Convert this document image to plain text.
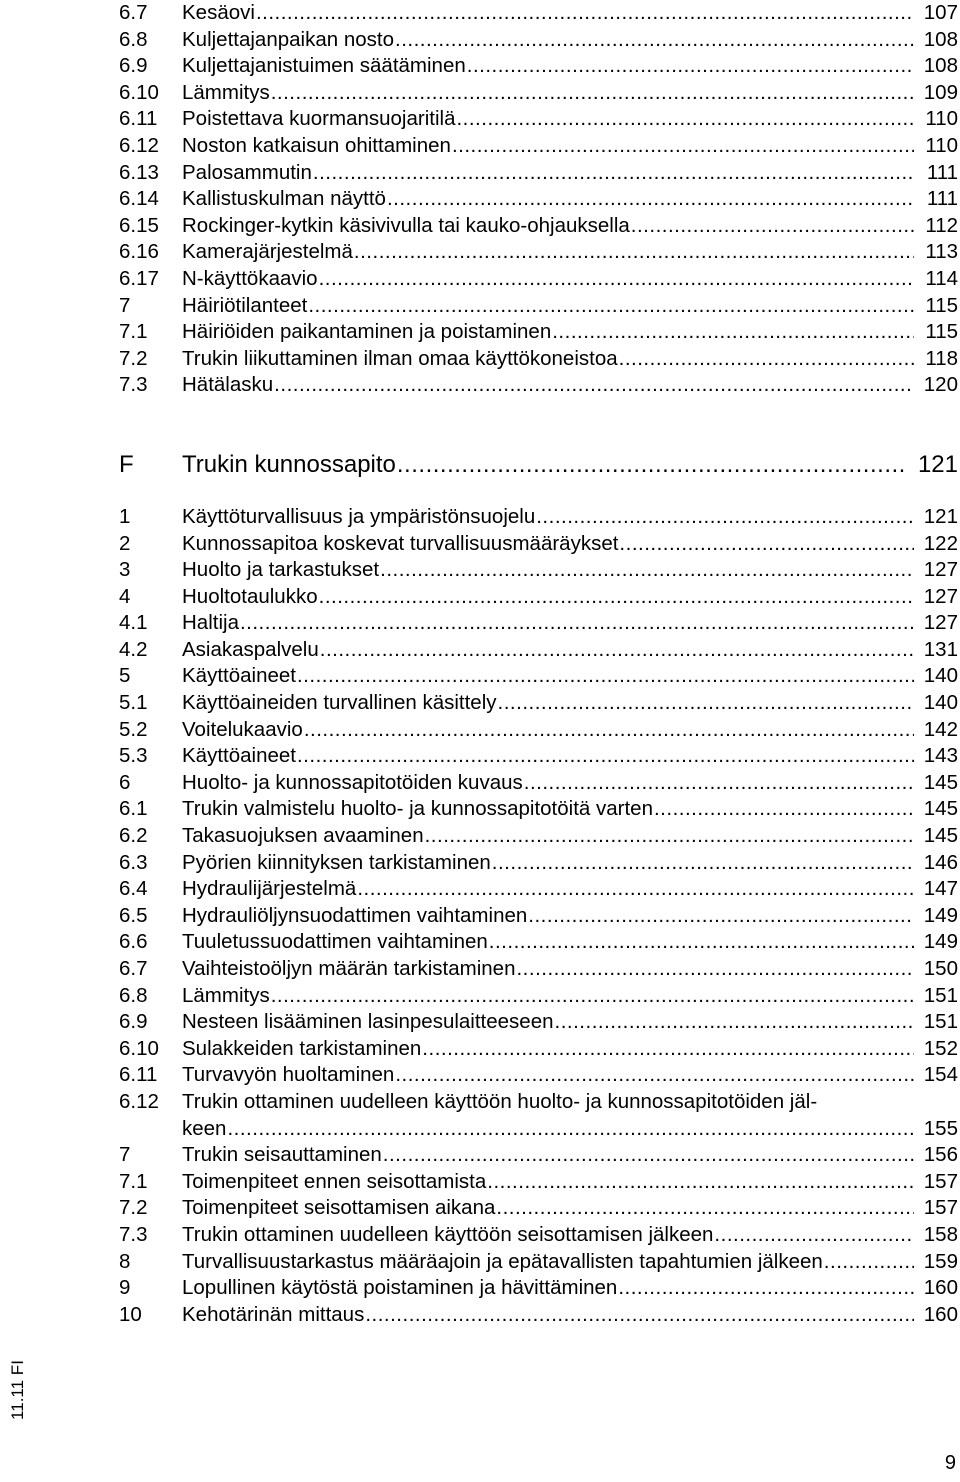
6.7	Kesäovi .....	107
6.8	Kuljettajanpaikan nosto .....	108
6.9	Kuljettajanistuimen säätäminen .....	108
6.10	Lämmitys .....	109
6.11	Poistettava kuormansuojaritilä .....	110
6.12	Noston katkaisun ohittaminen .....	110
6.13	Palosammutin .....	111
6.14	Kallistuskulman näyttö .....	111
6.15	Rockinger-kytkin käsivivulla tai kauko-ohjauksella .....	112
6.16	Kamerajärjestelmä .....	113
6.17	N-käyttökaavio .....	114
7	Häiriötilanteet .....	115
7.1	Häiriöiden paikantaminen ja poistaminen .....	115
7.2	Trukin liikuttaminen ilman omaa käyttökoneistoa .....	118
7.3	Hätälasku .....	120
F	Trukin kunnossapito .....	121
1	Käyttöturvallisuus ja ympäristönsuojelu .....	121
2	Kunnossapitoa koskevat turvallisuusmääräykset .....	122
3	Huolto ja tarkastukset .....	127
4	Huoltotaulukko .....	127
4.1	Haltija .....	127
4.2	Asiakaspalvelu .....	131
5	Käyttöaineet .....	140
5.1	Käyttöaineiden turvallinen käsittely .....	140
5.2	Voitelukaavio .....	142
5.3	Käyttöaineet .....	143
6	Huolto- ja kunnossapitotöiden kuvaus .....	145
6.1	Trukin valmistelu huolto- ja kunnossapitotöitä varten .....	145
6.2	Takasuojuksen avaaminen .....	145
6.3	Pyörien kiinnityksen tarkistaminen .....	146
6.4	Hydraulijärjestelmä .....	147
6.5	Hydrauliöljynsuodattimen vaihtaminen .....	149
6.6	Tuuletussuodattimen vaihtaminen .....	149
6.7	Vaihteistoöljyn määrän tarkistaminen .....	150
6.8	Lämmitys .....	151
6.9	Nesteen lisääminen lasinpesulaitteeseen .....	151
6.10	Sulakkeiden tarkistaminen .....	152
6.11	Turvavyön huoltaminen .....	154
6.12	Trukin ottaminen uudelleen käyttöön huolto- ja kunnossapitotöiden jäl-
keen .....	155
7	Trukin seisauttaminen .....	156
7.1	Toimenpiteet ennen seisottamista .....	157
7.2	Toimenpiteet seisottamisen aikana .....	157
7.3	Trukin ottaminen uudelleen käyttöön seisottamisen jälkeen .....	158
8	Turvallisuustarkastus määräajoin ja epätavallisten tapahtumien jälkeen .....	159
9	Lopullinen käytöstä poistaminen ja hävittäminen .....	160
10	Kehotärinän mittaus .....	160
11.11 FI
9
